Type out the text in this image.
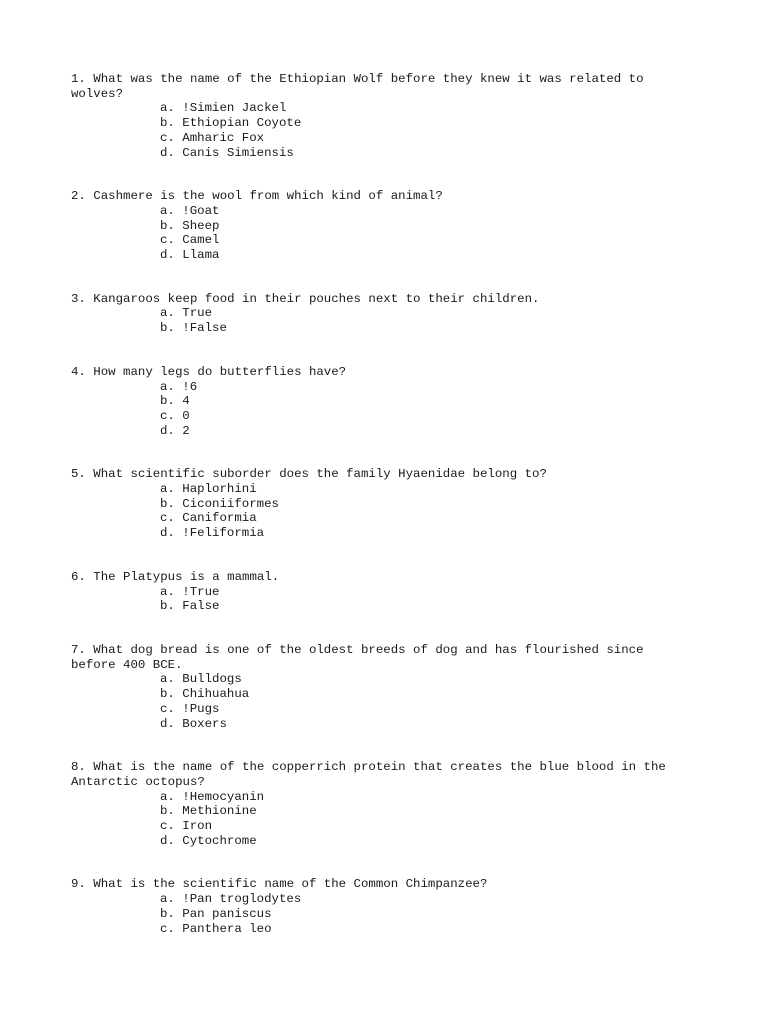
1. What was the name of the Ethiopian Wolf before they knew it was related to wolves?

a. !Simien Jackel
b. Ethiopian Coyote
c. Amharic Fox
d. Canis Simiensis

2. Cashmere is the wool from which kind of animal?

a. !Goat
b. Sheep
c. Camel
d. Llama

3. Kangaroos keep food in their pouches next to their children.

a. True
b. !False

4. How many legs do butterflies have?

a. !6
b. 4
c. 0
d. 2

5. What scientific suborder does the family Hyaenidae belong to?

a. Haplorhini
b. Ciconiiformes
c. Caniformia
d. !Feliformia

6. The Platypus is a mammal.

a. !True
b. False

7. What dog bread is one of the oldest breeds of dog and has flourished since before 400 BCE.

a. Bulldogs
b. Chihuahua
c. !Pugs
d. Boxers

8. What is the name of the copperrich protein that creates the blue blood in the Antarctic octopus?

a. !Hemocyanin
b. Methionine
c. Iron
d. Cytochrome

9. What is the scientific name of the Common Chimpanzee?

a. !Pan troglodytes
b. Pan paniscus
c. Panthera leo
